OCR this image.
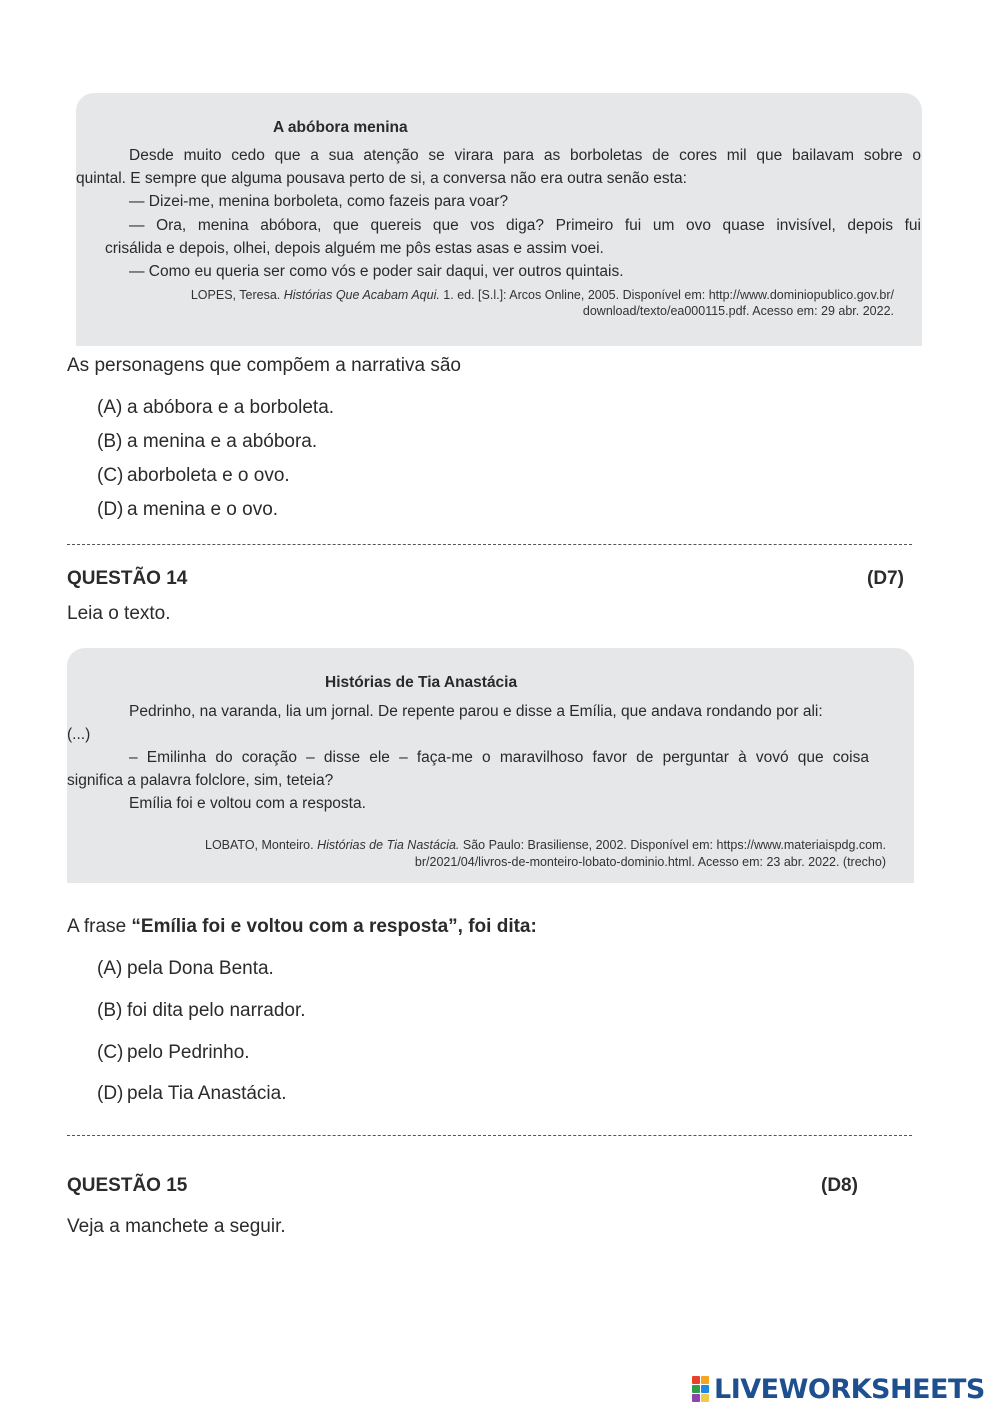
A abóbora menina
Desde muito cedo que a sua atenção se virara para as borboletas de cores mil que bailavam sobre o
quintal. E sempre que alguma pousava perto de si, a conversa não era outra senão esta:
— Dizei-me, menina borboleta, como fazeis para voar?
— Ora, menina abóbora, que quereis que vos diga? Primeiro fui um ovo quase invisível, depois fui
crisálida e depois, olhei, depois alguém me pôs estas asas e assim voei.
— Como eu queria ser como vós e poder sair daqui, ver outros quintais.
LOPES, Teresa. Histórias Que Acabam Aqui. 1. ed. [S.l.]: Arcos Online, 2005. Disponível em: http://www.dominiopublico.gov.br/
download/texto/ea000115.pdf. Acesso em: 29 abr. 2022.
As personagens que compõem a narrativa são
(A) a abóbora e a borboleta.
(B) a menina e a abóbora.
(C) aborboleta e o ovo.
(D) a menina e o ovo.
QUESTÃO 14	(D7)
Leia o texto.
Histórias de Tia Anastácia
Pedrinho, na varanda, lia um jornal. De repente parou e disse a Emília, que andava rondando por ali:
(...)
– Emilinha do coração – disse ele – faça-me o maravilhoso favor de perguntar à vovó que coisa
significa a palavra folclore, sim, teteia?
Emília foi e voltou com a resposta.
LOBATO, Monteiro. Histórias de Tia Nastácia. São Paulo: Brasiliense, 2002. Disponível em: https://www.materiaispdg.com.
br/2021/04/livros-de-monteiro-lobato-dominio.html. Acesso em: 23 abr. 2022. (trecho)
A frase “Emília foi e voltou com a resposta”, foi dita:
(A) pela Dona Benta.
(B) foi dita pelo narrador.
(C) pelo Pedrinho.
(D) pela Tia Anastácia.
QUESTÃO 15	(D8)
Veja a manchete a seguir.
LIVEWORKSHEETS
